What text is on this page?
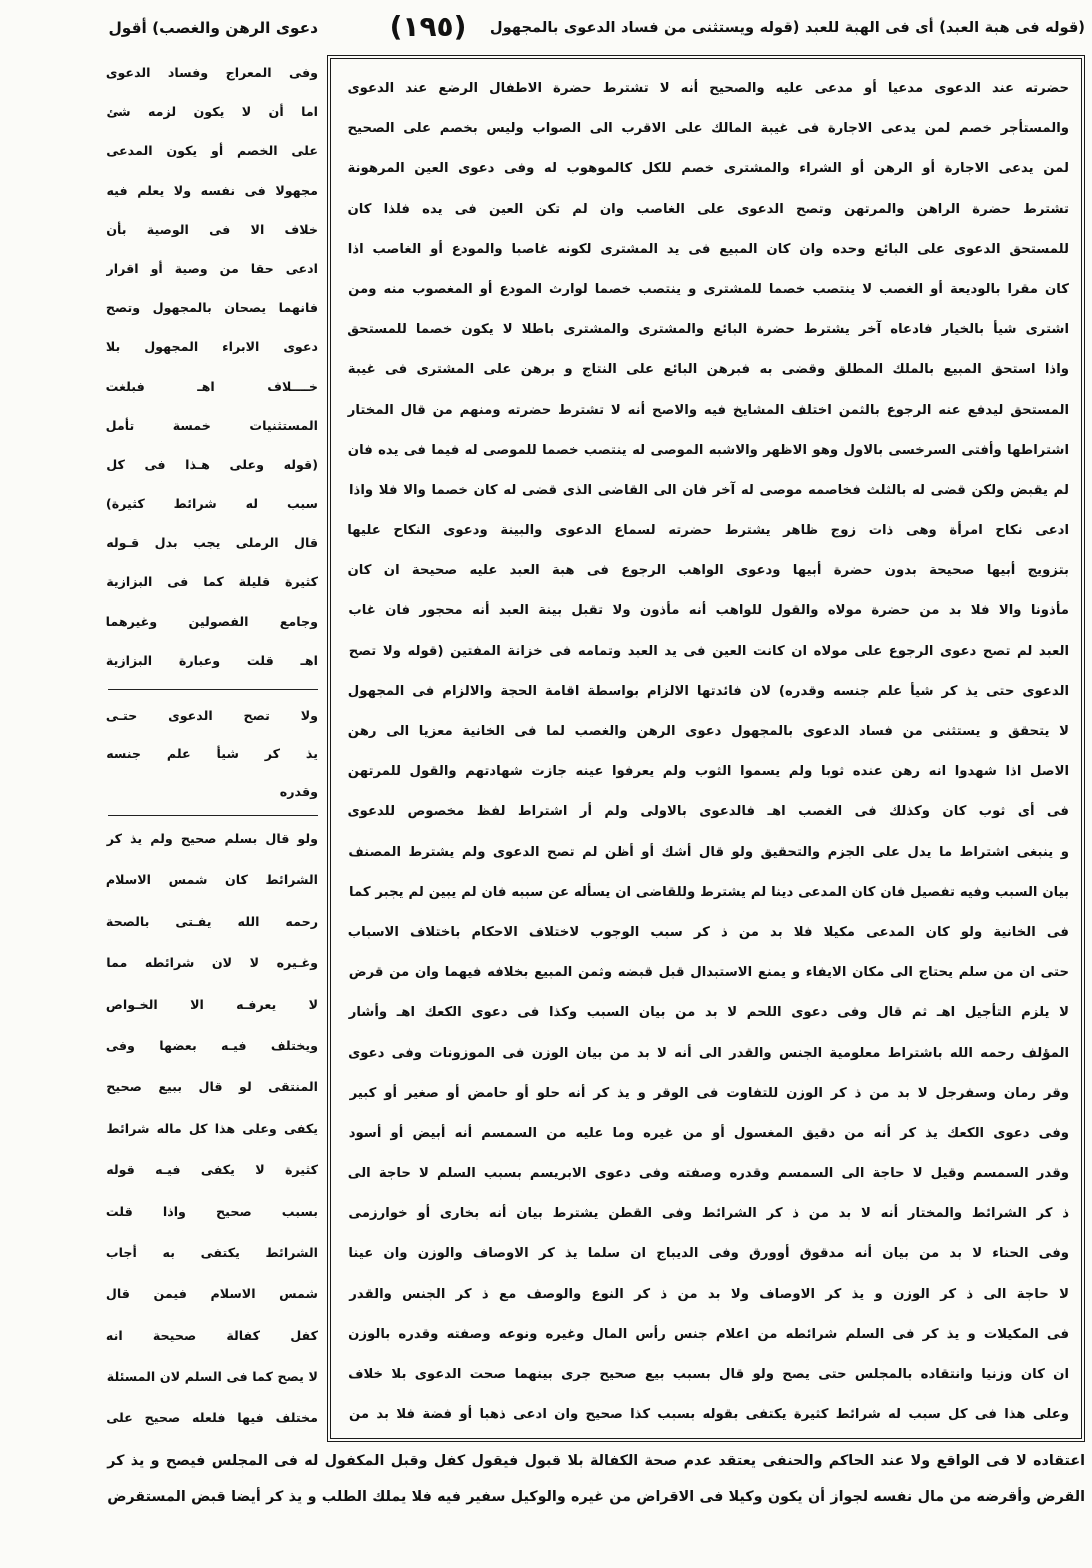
(قوله فى هبة العبد) أى فى الهبة للعبد (قوله ويستثنى من فساد الدعوى بالمجهول
(١٩٥)
دعوى الرهن والغصب) أقول
حضرته عند الدعوى مدعيا أو مدعى عليه والصحيح أنه لا تشترط حضرة الاطفال الرضع عند الدعوى
والمستأجر خصم لمن يدعى الاجارة فى غيبة المالك على الاقرب الى الصواب وليس بخصم على الصحيح
لمن يدعى الاجارة أو الرهن أو الشراء والمشترى خصم للكل كالموهوب له وفى دعوى العين المرهونة
تشترط حضرة الراهن والمرتهن وتصح الدعوى على الغاصب وان لم تكن العين فى يده فلذا كان
للمستحق الدعوى على البائع وحده وان كان المبيع فى يد المشترى لكونه غاصبا والمودع أو الغاصب اذا
كان مقرا بالوديعة أو الغصب لا ينتصب خصما للمشترى و ينتصب خصما لوارث المودع أو المغصوب منه ومن
اشترى شيأ بالخيار فادعاه آخر يشترط حضرة البائع والمشترى والمشترى باطلا لا يكون خصما للمستحق
واذا استحق المبيع بالملك المطلق وقضى به فبرهن البائع على النتاج و برهن على المشترى فى غيبة
المستحق ليدفع عنه الرجوع بالثمن اختلف المشايخ فيه والاصح أنه لا تشترط حضرته ومنهم من قال المختار
اشتراطها وأفتى السرخسى بالاول وهو الاظهر والاشبه الموصى له ينتصب خصما للموصى له فيما فى يده فان
لم يقبض ولكن قضى له بالثلث فخاصمه موصى له آخر فان الى القاضى الذى قضى له كان خصما والا فلا واذا
ادعى نكاح امرأة وهى ذات زوج ظاهر يشترط حضرته لسماع الدعوى والبينة ودعوى النكاح عليها
بتزويج أبيها صحيحة بدون حضرة أبيها ودعوى الواهب الرجوع فى هبة العبد عليه صحيحة ان كان
مأذونا والا فلا بد من حضرة مولاه والقول للواهب أنه مأذون ولا تقبل بينة العبد أنه محجور فان غاب
العبد لم تصح دعوى الرجوع على مولاه ان كانت العين فى يد العبد وتمامه فى خزانة المفتين (قوله ولا تصح
الدعوى حتى يذ كر شيأ علم جنسه وقدره) لان فائدتها الالزام بواسطة اقامة الحجة والالزام فى المجهول
لا يتحقق و يستثنى من فساد الدعوى بالمجهول دعوى الرهن والغصب لما فى الخانية معزيا الى رهن
الاصل اذا شهدوا انه رهن عنده ثوبا ولم يسموا الثوب ولم يعرفوا عينه جازت شهادتهم والقول للمرتهن
فى أى ثوب كان وكذلك فى الغصب اهـ فالدعوى بالاولى ولم أر اشتراط لفظ مخصوص للدعوى
و ينبغى اشتراط ما يدل على الجزم والتحقيق ولو قال أشك أو أظن لم تصح الدعوى ولم يشترط المصنف
بيان السبب وفيه تفصيل فان كان المدعى دينا لم يشترط وللقاضى ان يسأله عن سببه فان لم يبين لم يجبر كما
فى الخانية ولو كان المدعى مكيلا فلا بد من ذ كر سبب الوجوب لاختلاف الاحكام باختلاف الاسباب
حتى ان من سلم يحتاج الى مكان الايفاء و يمنع الاستبدال قبل قبضه وثمن المبيع بخلافه فيهما وان من قرض
لا يلزم التأجيل اهـ ثم قال وفى دعوى اللحم لا بد من بيان السبب وكذا فى دعوى الكعك اهـ وأشار
المؤلف رحمه الله باشتراط معلومية الجنس والقدر الى أنه لا بد من بيان الوزن فى الموزونات وفى دعوى
وقر رمان وسفرجل لا بد من ذ كر الوزن للتفاوت فى الوقر و يذ كر أنه حلو أو حامض أو صغير أو كبير
وفى دعوى الكعك يذ كر أنه من دقيق المغسول أو من غيره وما عليه من السمسم أنه أبيض أو أسود
وقدر السمسم وقيل لا حاجة الى السمسم وقدره وصفته وفى دعوى الابريسم بسبب السلم لا حاجة الى
ذ كر الشرائط والمختار أنه لا بد من ذ كر الشرائط وفى القطن يشترط بيان أنه بخارى أو خوارزمى
وفى الحناء لا بد من بيان أنه مدقوق أوورق وفى الديباج ان سلما يذ كر الاوصاف والوزن وان عينا
لا حاجة الى ذ كر الوزن و يذ كر الاوصاف ولا بد من ذ كر النوع والوصف مع ذ كر الجنس والقدر
فى المكيلات و يذ كر فى السلم شرائطه من اعلام جنس رأس المال وغيره ونوعه وصفته وقدره بالوزن
ان كان وزنيا وانتقاده بالمجلس حتى يصح ولو قال بسبب بيع صحيح جرى بينهما صحت الدعوى بلا خلاف
وعلى هذا فى كل سبب له شرائط كثيرة يكتفى بقوله بسبب كذا صحيح وان ادعى ذهبا أو فضة فلا بد من
وفى المعراج وفساد الدعوى
اما أن لا يكون لزمه شئ
على الخصم أو يكون المدعى
مجهولا فى نفسه ولا يعلم فيه
خلاف الا فى الوصية بأن
ادعى حقا من وصية أو اقرار
فانهما يصحان بالمجهول وتصح
دعوى الابراء المجهول بلا
خــــلاف اهـ فبلغت
المستثنيات خمسة تأمل
(قوله وعلى هـذا فى كل
سبب له شرائط كثيرة)
قال الرملى يجب بدل قـوله
كثيرة قليلة كما فى البزازية
وجامع الفصولين وغيرهما
اهـ قلت وعبارة البزازية
ولا تصح الدعوى حتـى
يذ كر شيأ علم جنسه
وقدره
ولو قال بسلم صحيح ولم يذ كر
الشرائط كان شمس الاسلام
رحمه الله يفـتى بالصحة
وغـيره لا لان شرائطه مما
لا يعرفـه الا الخـواص
ويختلف فيـه بعضها وفى
المنتقى لو قال ببيع صحيح
يكفى وعلى هذا كل ماله شرائط
كثيرة لا يكفى فيـه قوله
بسبب صحيح واذا قلت
الشرائط يكتفى به أجاب
شمس الاسلام فيمن قال
كفل كفالة صحيحة انه
لا يصح كما فى السلم لان المسئلة
مختلف فيها فلعله صحيح على
اعتقاده لا فى الواقع ولا عند الحاكم والحنفى يعتقد عدم صحة الكفالة بلا قبول فيقول كفل وقبل المكفول له فى المجلس فيصح و يذ كر
القرض وأقرضه من مال نفسه لجواز أن يكون وكيلا فى الاقراض من غيره والوكيل سفير فيه فلا يملك الطلب و يذ كر أيضا قبض المستقرض
